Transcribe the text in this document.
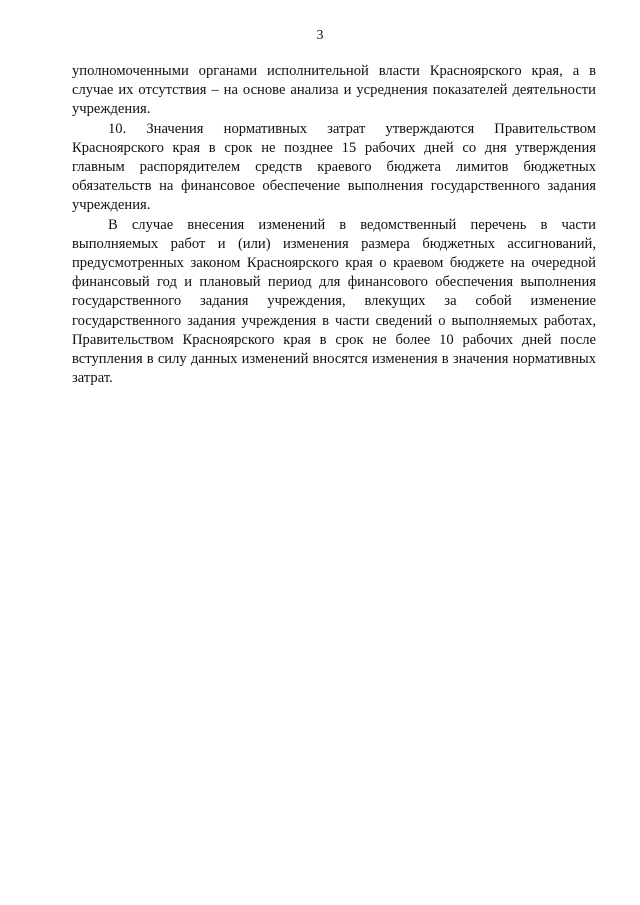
3

уполномоченными органами исполнительной власти Красноярского края, а в случае их отсутствия – на основе анализа и усреднения показателей деятельности учреждения.

10. Значения нормативных затрат утверждаются Правительством Красноярского края в срок не позднее 15 рабочих дней со дня утверждения главным распорядителем средств краевого бюджета лимитов бюджетных обязательств на финансовое обеспечение выполнения государственного задания учреждения.

В случае внесения изменений в ведомственный перечень в части выполняемых работ и (или) изменения размера бюджетных ассигнований, предусмотренных законом Красноярского края о краевом бюджете на очередной финансовый год и плановый период для финансового обеспечения выполнения государственного задания учреждения, влекущих за собой изменение государственного задания учреждения в части сведений о выполняемых работах, Правительством Красноярского края в срок не более 10 рабочих дней после вступления в силу данных изменений вносятся изменения в значения нормативных затрат.
